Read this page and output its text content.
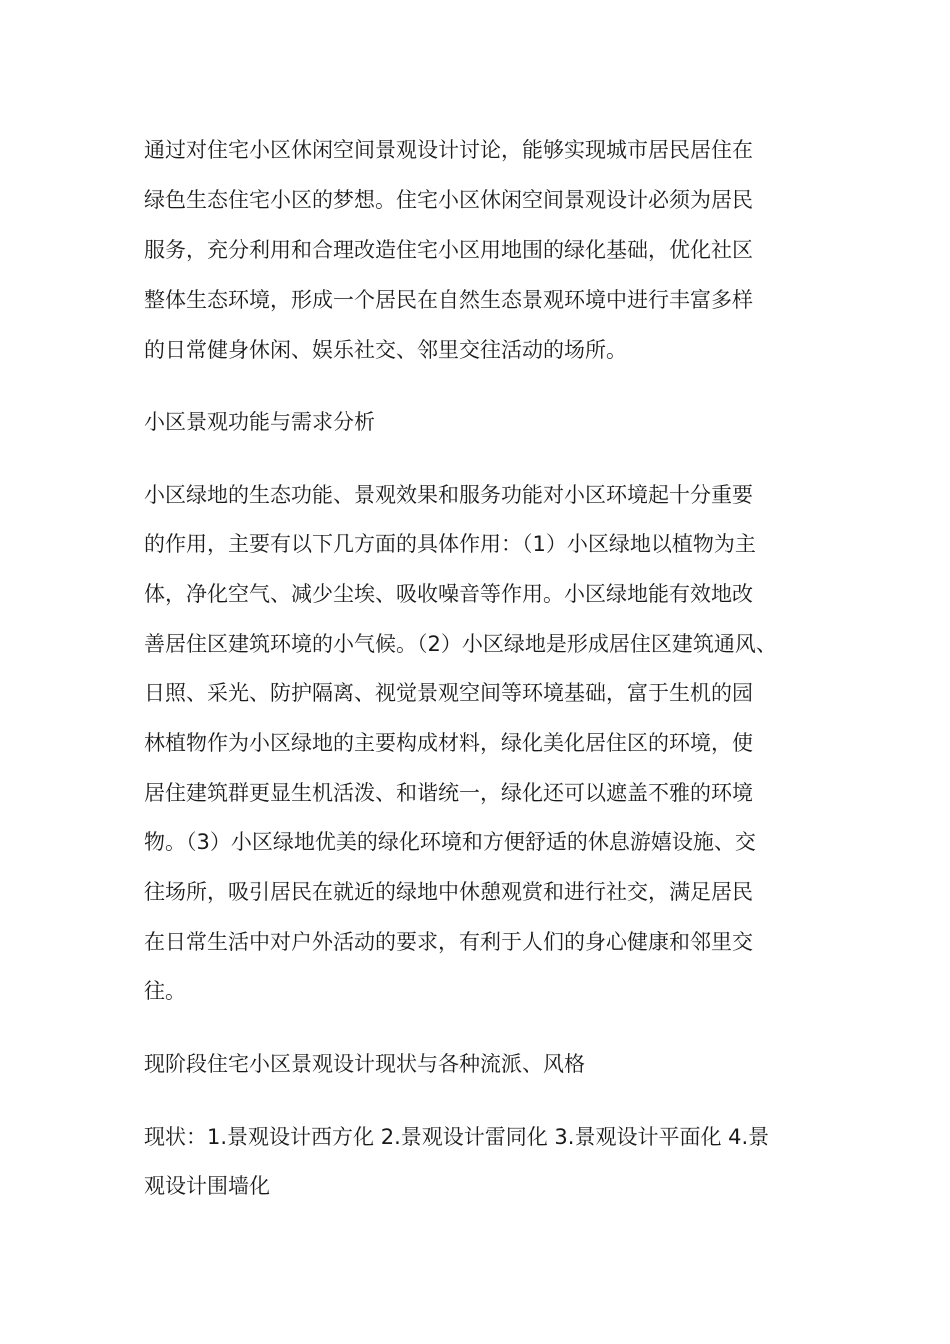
通过对住宅小区休闲空间景观设计讨论，能够实现城市居民居住在
绿色生态住宅小区的梦想。住宅小区休闲空间景观设计必须为居民
服务，充分利用和合理改造住宅小区用地围的绿化基础，优化社区
整体生态环境，形成一个居民在自然生态景观环境中进行丰富多样
的日常健身休闲、娱乐社交、邻里交往活动的场所。
小区景观功能与需求分析
小区绿地的生态功能、景观效果和服务功能对小区环境起十分重要
的作用，主要有以下几方面的具体作用：（1）小区绿地以植物为主
体，净化空气、减少尘埃、吸收噪音等作用。小区绿地能有效地改
善居住区建筑环境的小气候。（2）小区绿地是形成居住区建筑通风、
日照、采光、防护隔离、视觉景观空间等环境基础，富于生机的园
林植物作为小区绿地的主要构成材料，绿化美化居住区的环境，使
居住建筑群更显生机活泼、和谐统一，绿化还可以遮盖不雅的环境
物。（3）小区绿地优美的绿化环境和方便舒适的休息游嬉设施、交
往场所，吸引居民在就近的绿地中休憩观赏和进行社交，满足居民
在日常生活中对户外活动的要求，有利于人们的身心健康和邻里交
往。
现阶段住宅小区景观设计现状与各种流派、风格
现状：1.景观设计西方化 2.景观设计雷同化 3.景观设计平面化 4.景
观设计围墙化
